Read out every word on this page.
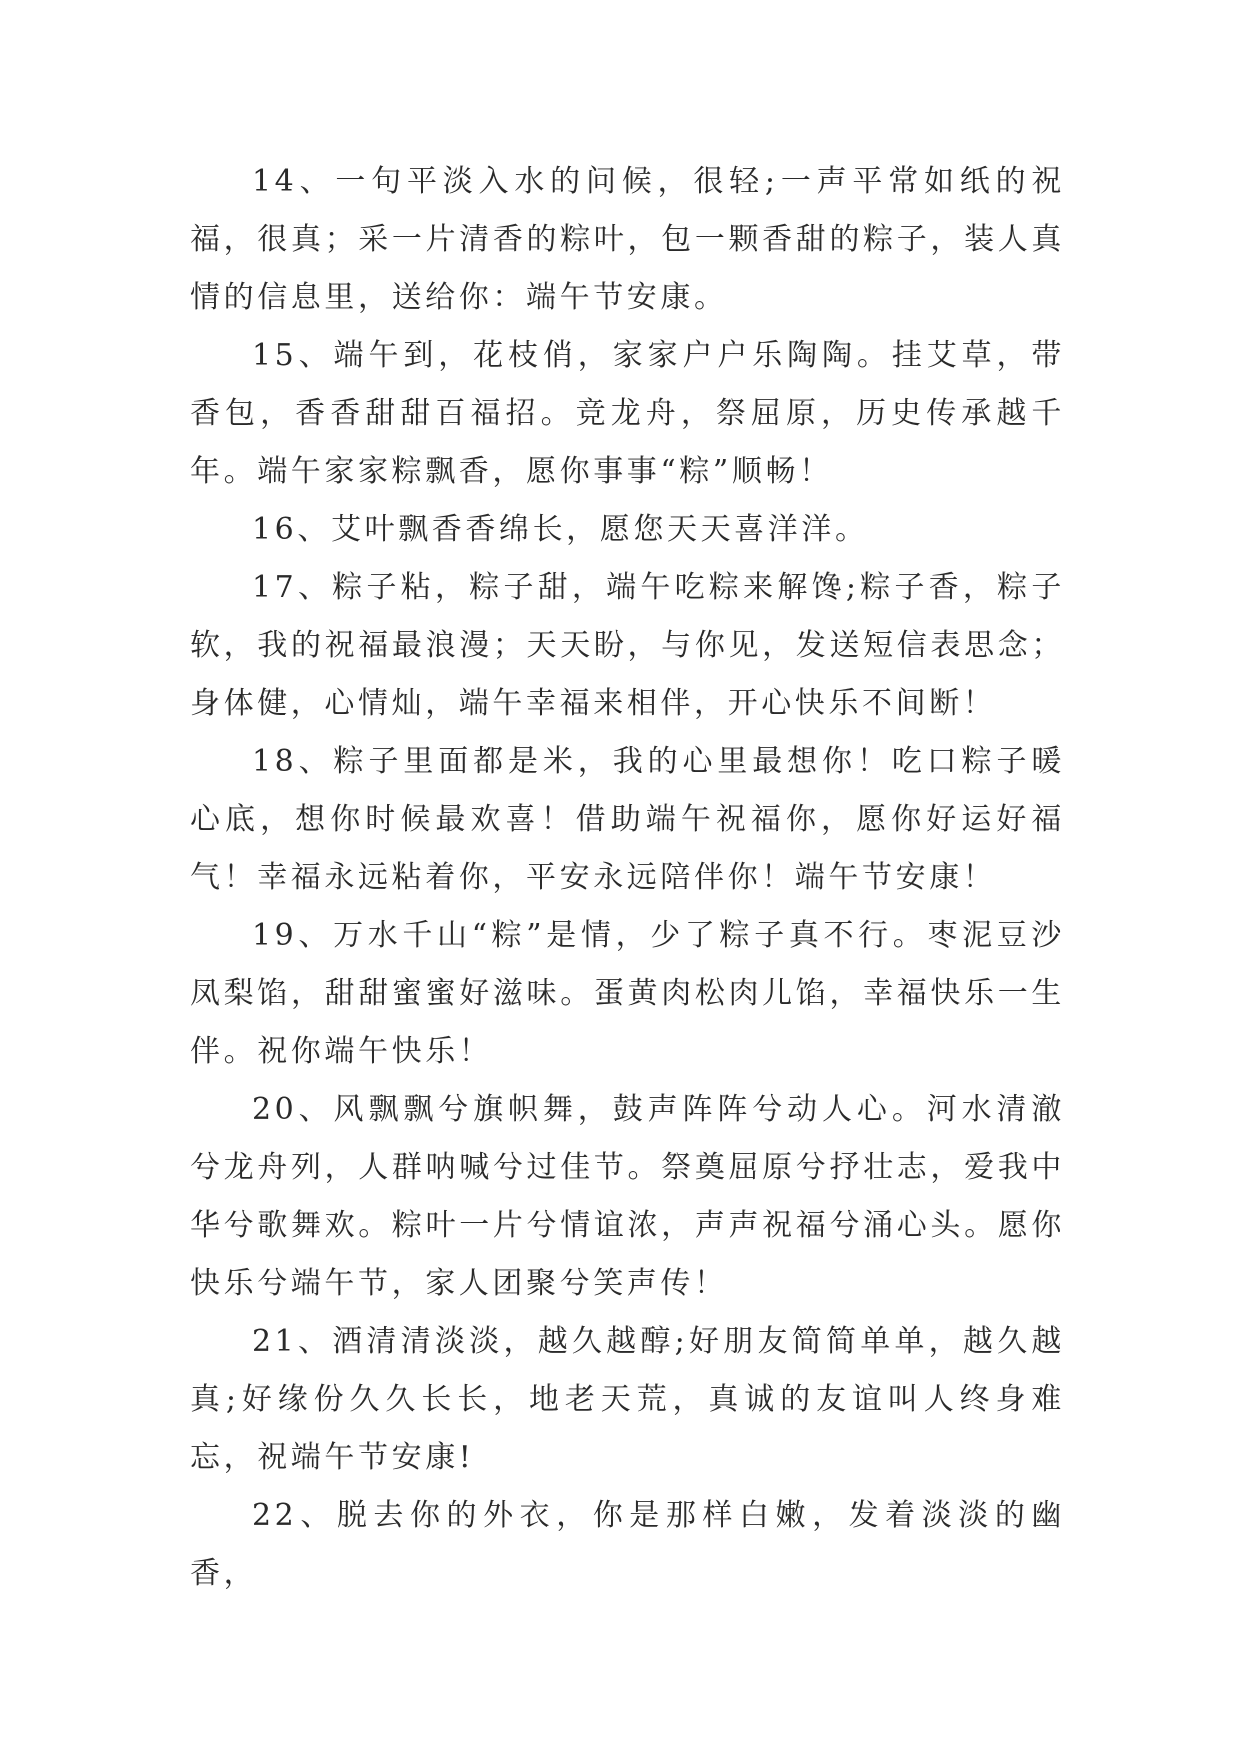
14、一句平淡入水的问候，很轻;一声平常如纸的祝福，很真；采一片清香的粽叶，包一颗香甜的粽子，装人真情的信息里，送给你：端午节安康。

15、端午到，花枝俏，家家户户乐陶陶。挂艾草，带香包，香香甜甜百福招。竞龙舟，祭屈原，历史传承越千年。端午家家粽飘香，愿你事事“粽”顺畅！

16、艾叶飘香香绵长，愿您天天喜洋洋。

17、粽子粘，粽子甜，端午吃粽来解馋;粽子香，粽子软，我的祝福最浪漫；天天盼，与你见，发送短信表思念；身体健，心情灿，端午幸福来相伴，开心快乐不间断！

18、粽子里面都是米，我的心里最想你！吃口粽子暖心底，想你时候最欢喜！借助端午祝福你，愿你好运好福气！幸福永远粘着你，平安永远陪伴你！端午节安康！

19、万水千山“粽”是情，少了粽子真不行。枣泥豆沙凤梨馅，甜甜蜜蜜好滋味。蛋黄肉松肉儿馅，幸福快乐一生伴。祝你端午快乐！

20、风飘飘兮旗帜舞，鼓声阵阵兮动人心。河水清澈兮龙舟列，人群呐喊兮过佳节。祭奠屈原兮抒壮志，爱我中华兮歌舞欢。粽叶一片兮情谊浓，声声祝福兮涌心头。愿你快乐兮端午节，家人团聚兮笑声传！

21、酒清清淡淡，越久越醇;好朋友简简单单，越久越真;好缘份久久长长，地老天荒，真诚的友谊叫人终身难忘，祝端午节安康!

22、脱去你的外衣，你是那样白嫩，发着淡淡的幽香，
